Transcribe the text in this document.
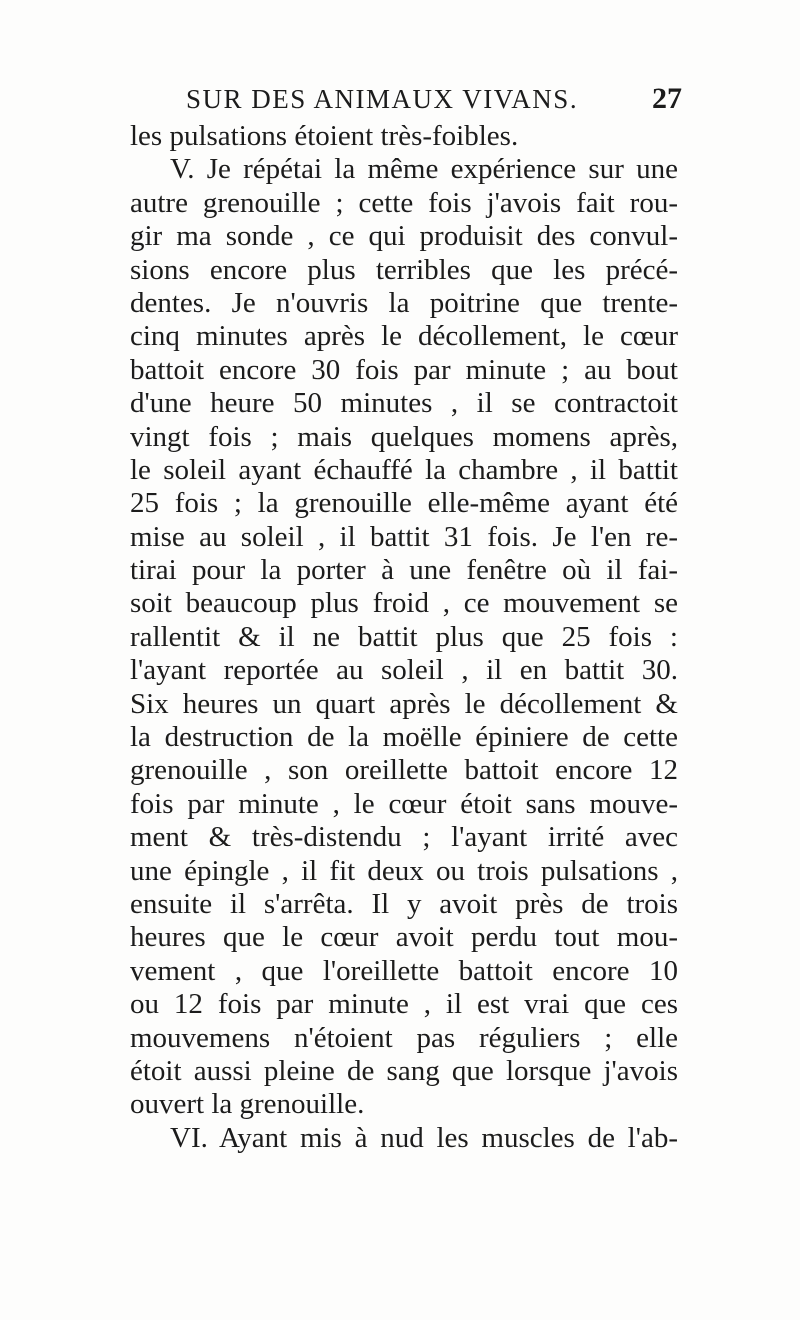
SUR DES ANIMAUX VIVANS. 27
les pulsations étoient très-foibles.
V. Je répétai la même expérience sur une
autre grenouille ; cette fois j'avois fait rou-
gir ma sonde , ce qui produisit des convul-
sions encore plus terribles que les précé-
dentes. Je n'ouvris la poitrine que trente-
cinq minutes après le décollement, le cœur
battoit encore 30 fois par minute ; au bout
d'une heure 50 minutes , il se contractoit
vingt fois ; mais quelques momens après,
le soleil ayant échauffé la chambre , il battit
25 fois ; la grenouille elle-même ayant été
mise au soleil , il battit 31 fois. Je l'en re-
tirai pour la porter à une fenêtre où il fai-
soit beaucoup plus froid , ce mouvement se
rallentit & il ne battit plus que 25 fois :
l'ayant reportée au soleil , il en battit 30.
Six heures un quart après le décollement &
la destruction de la moëlle épiniere de cette
grenouille , son oreillette battoit encore 12
fois par minute , le cœur étoit sans mouve-
ment & très-distendu ; l'ayant irrité avec
une épingle , il fit deux ou trois pulsations ,
ensuite il s'arrêta. Il y avoit près de trois
heures que le cœur avoit perdu tout mou-
vement , que l'oreillette battoit encore 10
ou 12 fois par minute , il est vrai que ces
mouvemens n'étoient pas réguliers ; elle
étoit aussi pleine de sang que lorsque j'avois
ouvert la grenouille.
VI. Ayant mis à nud les muscles de l'ab-
